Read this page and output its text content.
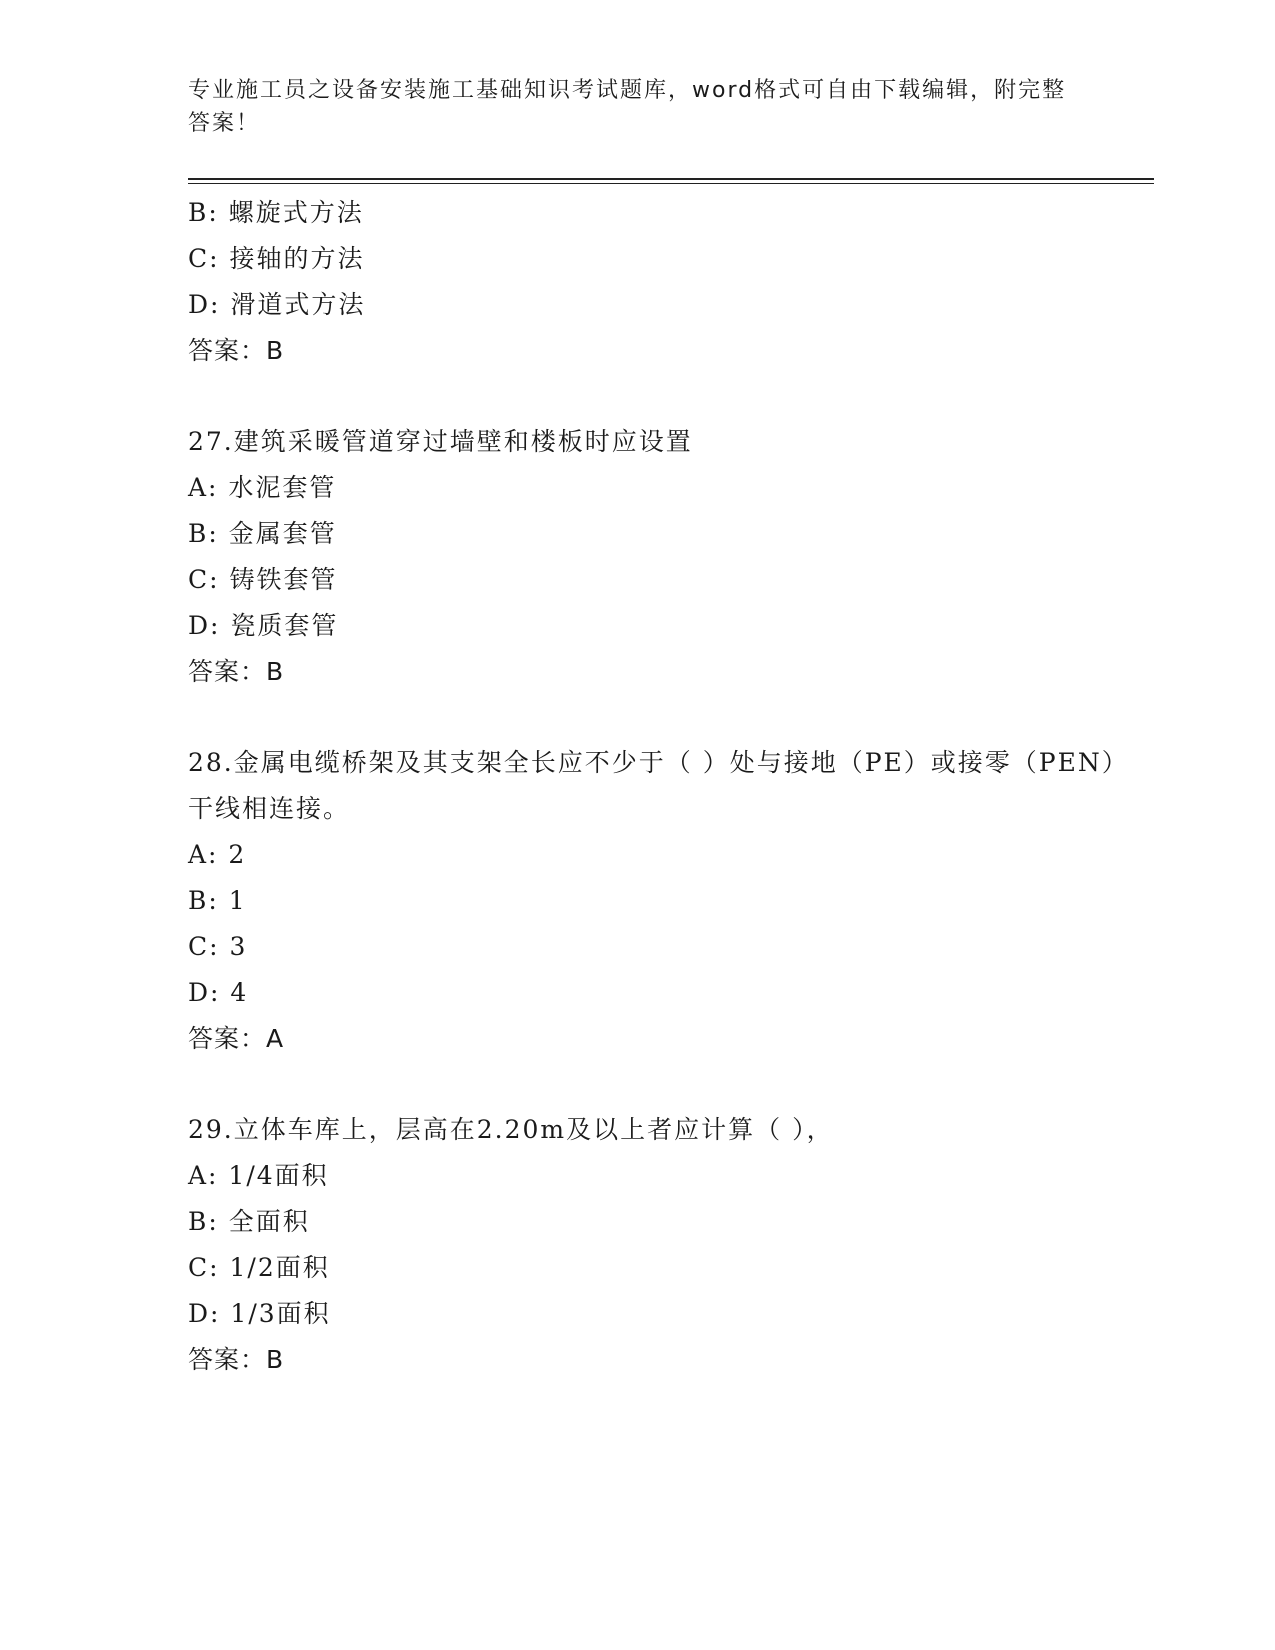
专业施工员之设备安装施工基础知识考试题库，word格式可自由下载编辑，附完整答案！
B: 螺旋式方法
C: 接轴的方法
D: 滑道式方法
答案：B
27.建筑采暖管道穿过墙壁和楼板时应设置
A: 水泥套管
B: 金属套管
C: 铸铁套管
D: 瓷质套管
答案：B
28.金属电缆桥架及其支架全长应不少于（ ）处与接地（PE）或接零（PEN）干线相连接。
A: 2
B: 1
C: 3
D: 4
答案：A
29.立体车库上，层高在2.20m及以上者应计算（ ），
A: 1/4面积
B: 全面积
C: 1/2面积
D: 1/3面积
答案：B
